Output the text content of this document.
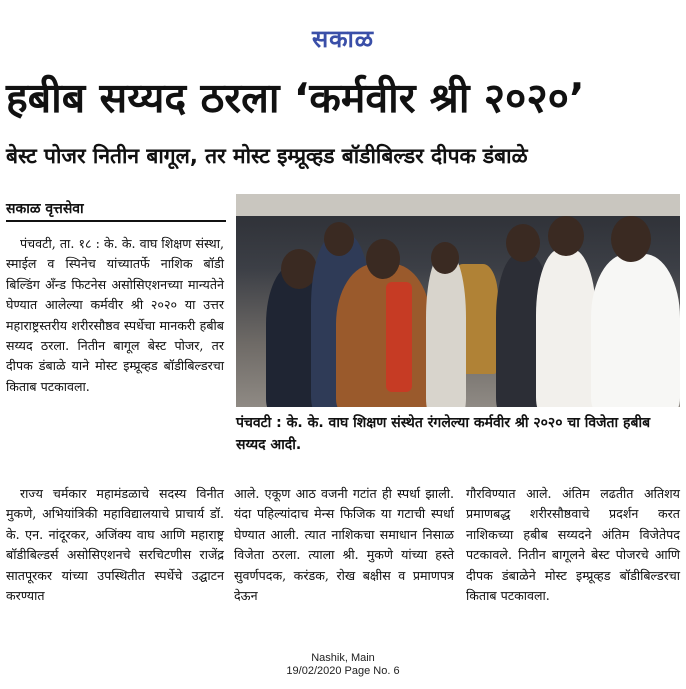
सकाळ
हबीब सय्यद ठरला ‘कर्मवीर श्री २०२०’
बेस्ट पोजर नितीन बागूल, तर मोस्ट इम्प्रूव्हड बॉडीबिल्डर दीपक डंबाळे
सकाळ वृत्तसेवा

पंचवटी, ता. १८ : के. के. वाघ शिक्षण संस्था, स्माईल व स्पिनेच यांच्यातर्फे नाशिक बॉडी बिल्डिंग अँन्ड फिटनेस असोसिएशनच्या मान्यतेने घेण्यात आलेल्या कर्मवीर श्री २०२० या उत्तर महाराष्ट्रस्तरीय शरीरसौष्ठव स्पर्धेचा मानकरी हबीब सय्यद ठरला. नितीन बागूल बेस्ट पोजर, तर दीपक डंबाळे याने मोस्ट इम्प्रूव्हड बॉडीबिल्डरचा किताब पटकावला.

पंचवटी : के. के. वाघ शिक्षण संस्थेत रंगलेल्या कर्मवीर श्री २०२० चा विजेता हबीब सय्यद आदी.

राज्य चर्मकार महामंडळाचे सदस्य विनीत मुकणे, अभियांत्रिकी महाविद्यालयाचे प्राचार्य डॉ. के. एन. नांदूरकर, अजिंक्य वाघ आणि महाराष्ट्र बॉडीबिल्डर्स असोसिएशनचे सरचिटणीस राजेंद्र सातपूरकर यांच्या उपस्थितीत स्पर्धेचे उद्घाटन करण्यात

आले. एकूण आठ वजनी गटांत ही स्पर्धा झाली. यंदा पहिल्यांदाच मेन्स फिजिक या गटाची स्पर्धा घेण्यात आली. त्यात नाशिकचा समाधान निसाळ विजेता ठरला. त्याला श्री. मुकणे यांच्या हस्ते सुवर्णपदक, करंडक, रोख बक्षीस व प्रमाणपत्र देऊन

गौरविण्यात आले. अंतिम लढतीत अतिशय प्रमाणबद्ध शरीरसौष्ठवाचे प्रदर्शन करत नाशिकच्या हबीब सय्यदने अंतिम विजेतेपद पटकावले. नितीन बागूलने बेस्ट पोजरचे आणि दीपक डंबाळेने मोस्ट इम्प्रूव्हड बॉडीबिल्डरचा किताब पटकावला.

Nashik, Main
19/02/2020 Page No. 6
